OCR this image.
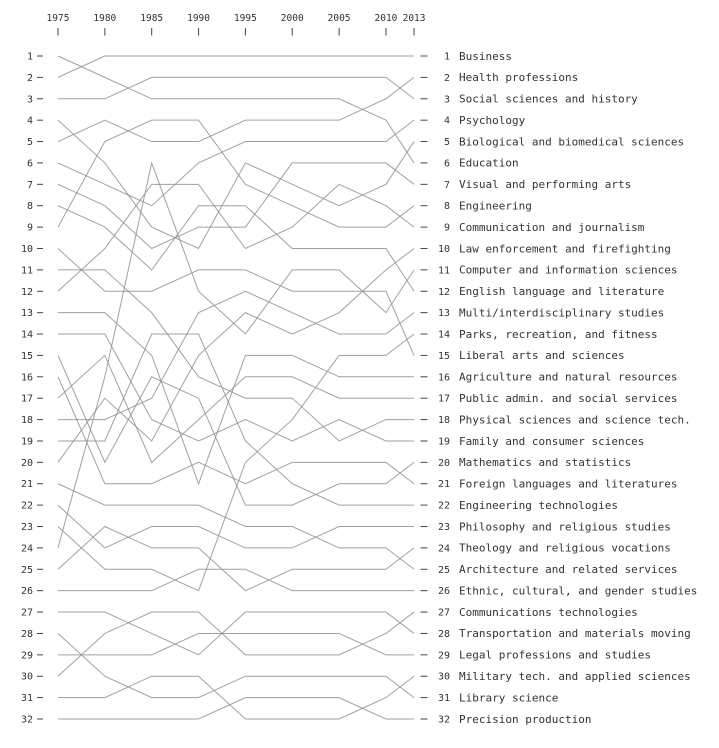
1975	1980	1985	1990	1995	2000	2005	2010 2013
1	1 Business
2	2 Health professions
3	3 Social sciences and history
4	4 Psychology
5	5 Biological and biomedical sciences
6	6 Education
7	7 Visual and performing arts
8	8 Engineering
9	9 Communication and journalism
10	10 Law enforcement and firefighting
11	11 Computer and information sciences
12	12 English language and literature
13	13 Multi/interdisciplinary studies
14	14 Parks, recreation, and fitness
15	15 Liberal arts and sciences
16	16 Agriculture and natural resources
17	17 Public admin. and social services
18	18 Physical sciences and science tech.
19	19 Family and consumer sciences
20	20 Mathematics and statistics
21	21 Foreign languages and literatures
22	22 Engineering technologies
23	23 Philosophy and religious studies
24	24 Theology and religious vocations
25	25 Architecture and related services
26	26 Ethnic, cultural, and gender studies
27	27 Communications technologies
28	28 Transportation and materials moving
29	29 Legal professions and studies
30	30 Military tech. and applied sciences
31	31 Library science
32	32 Precision production
